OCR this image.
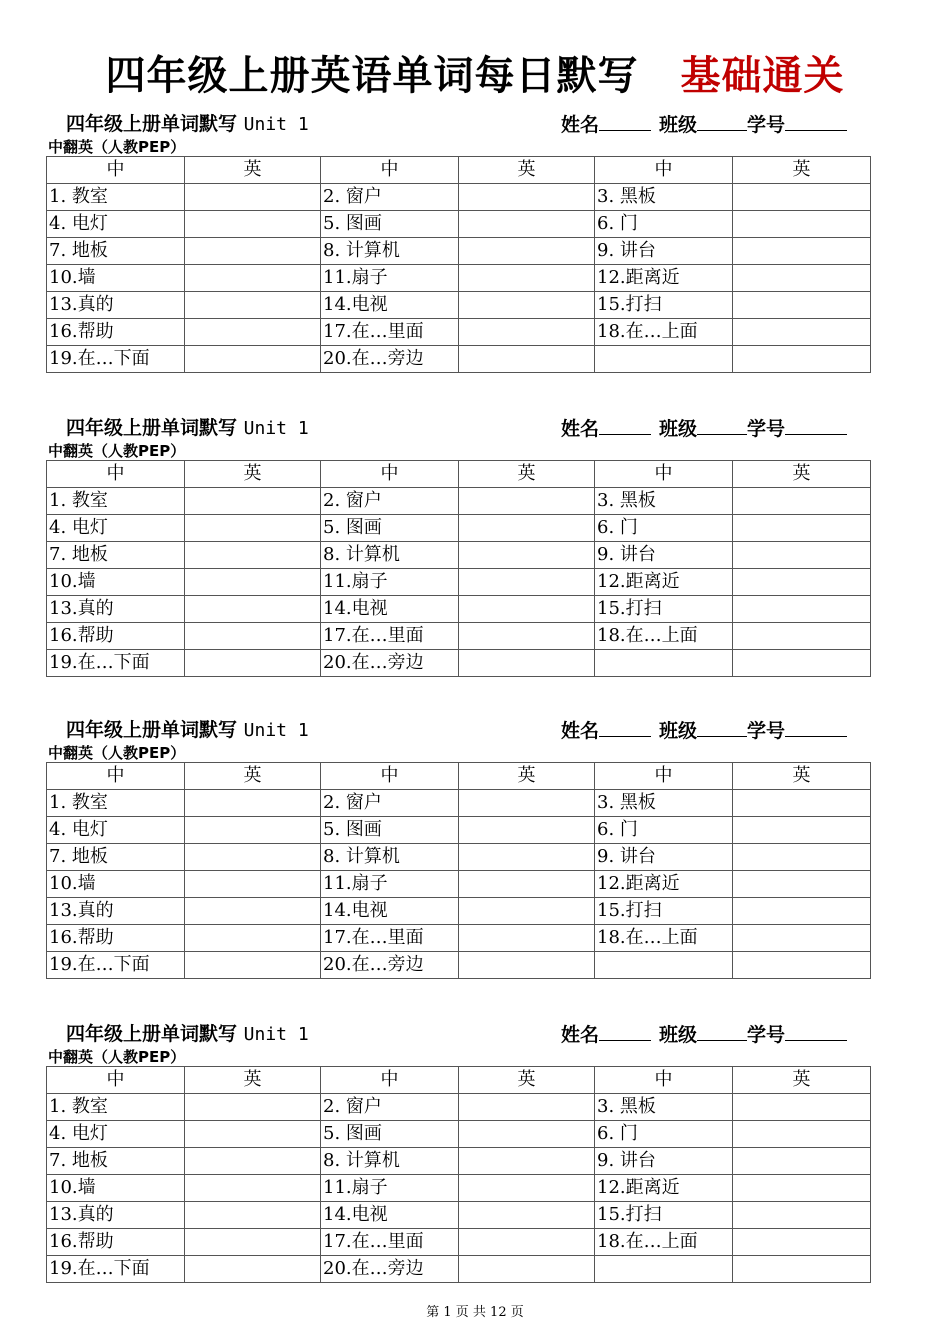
四年级上册英语单词每日默写 基础通关
四年级上册单词默写 Unit 1	姓名	班级	学号
中翻英（人教PEP）
中	英	中	英	中	英
1. 教室		2. 窗户		3. 黑板	
4. 电灯		5. 图画		6. 门	
7. 地板		8. 计算机		9. 讲台	
10.墙		11.扇子		12.距离近	
13.真的		14.电视		15.打扫	
16.帮助		17.在…里面		18.在…上面	
19.在…下面		20.在…旁边			
四年级上册单词默写 Unit 1	姓名	班级	学号
中翻英（人教PEP）
中	英	中	英	中	英
1. 教室		2. 窗户		3. 黑板	
4. 电灯		5. 图画		6. 门	
7. 地板		8. 计算机		9. 讲台	
10.墙		11.扇子		12.距离近	
13.真的		14.电视		15.打扫	
16.帮助		17.在…里面		18.在…上面	
19.在…下面		20.在…旁边			
四年级上册单词默写 Unit 1	姓名	班级	学号
中翻英（人教PEP）
中	英	中	英	中	英
1. 教室		2. 窗户		3. 黑板	
4. 电灯		5. 图画		6. 门	
7. 地板		8. 计算机		9. 讲台	
10.墙		11.扇子		12.距离近	
13.真的		14.电视		15.打扫	
16.帮助		17.在…里面		18.在…上面	
19.在…下面		20.在…旁边			
四年级上册单词默写 Unit 1	姓名	班级	学号
中翻英（人教PEP）
中	英	中	英	中	英
1. 教室		2. 窗户		3. 黑板	
4. 电灯		5. 图画		6. 门	
7. 地板		8. 计算机		9. 讲台	
10.墙		11.扇子		12.距离近	
13.真的		14.电视		15.打扫	
16.帮助		17.在…里面		18.在…上面	
19.在…下面		20.在…旁边			
第 1 页 共 12 页
